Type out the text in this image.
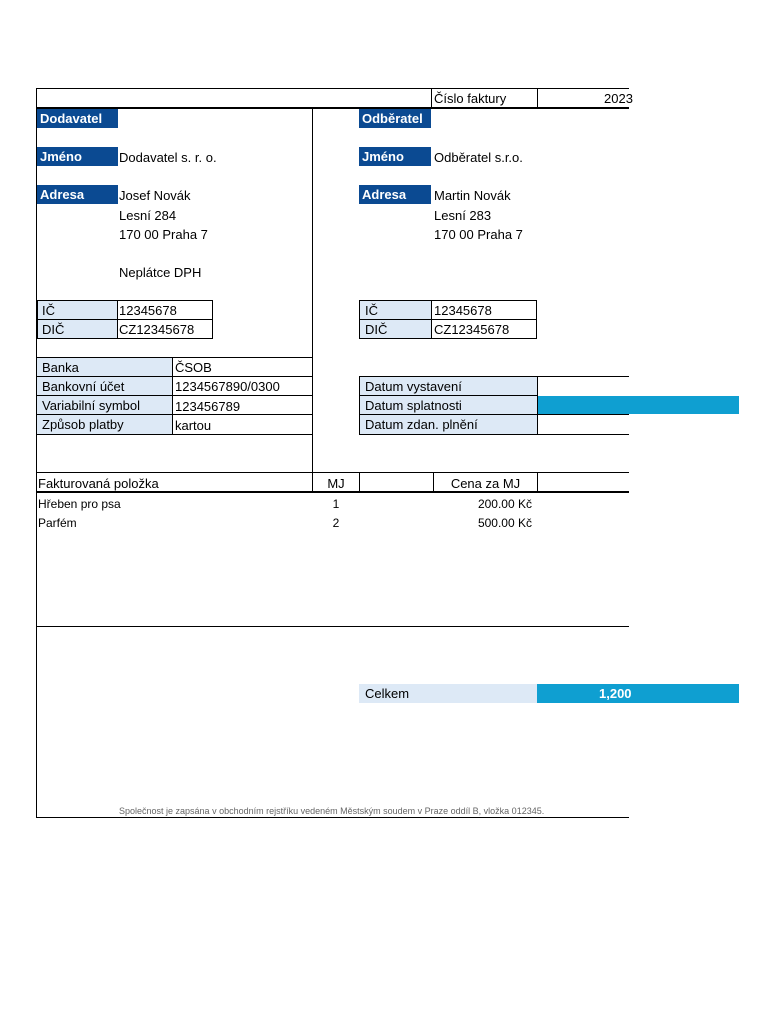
Číslo faktury	2023
Dodavatel
Jméno	Dodavatel s. r. o.
Adresa	Josef Novák
Lesní 284
170 00 Praha 7
Neplátce DPH
IČ	12345678
DIČ	CZ12345678
Odběratel
Jméno	Odběratel s.r.o.
Adresa	Martin Novák
Lesní 283
170 00 Praha 7
IČ	12345678
DIČ	CZ12345678
Banka	ČSOB
Bankovní účet	1234567890/0300
Variabilní symbol	123456789
Způsob platby	kartou
Datum vystavení
Datum splatnosti
Datum zdan. plnění
Fakturovaná položka	MJ	Cena za MJ
Hřeben pro psa	1	200.00 Kč
Parfém	2	500.00 Kč
Celkem	1,200
Společnost je zapsána v obchodním rejstříku vedeném Městským soudem v Praze oddíl B, vložka 012345.
